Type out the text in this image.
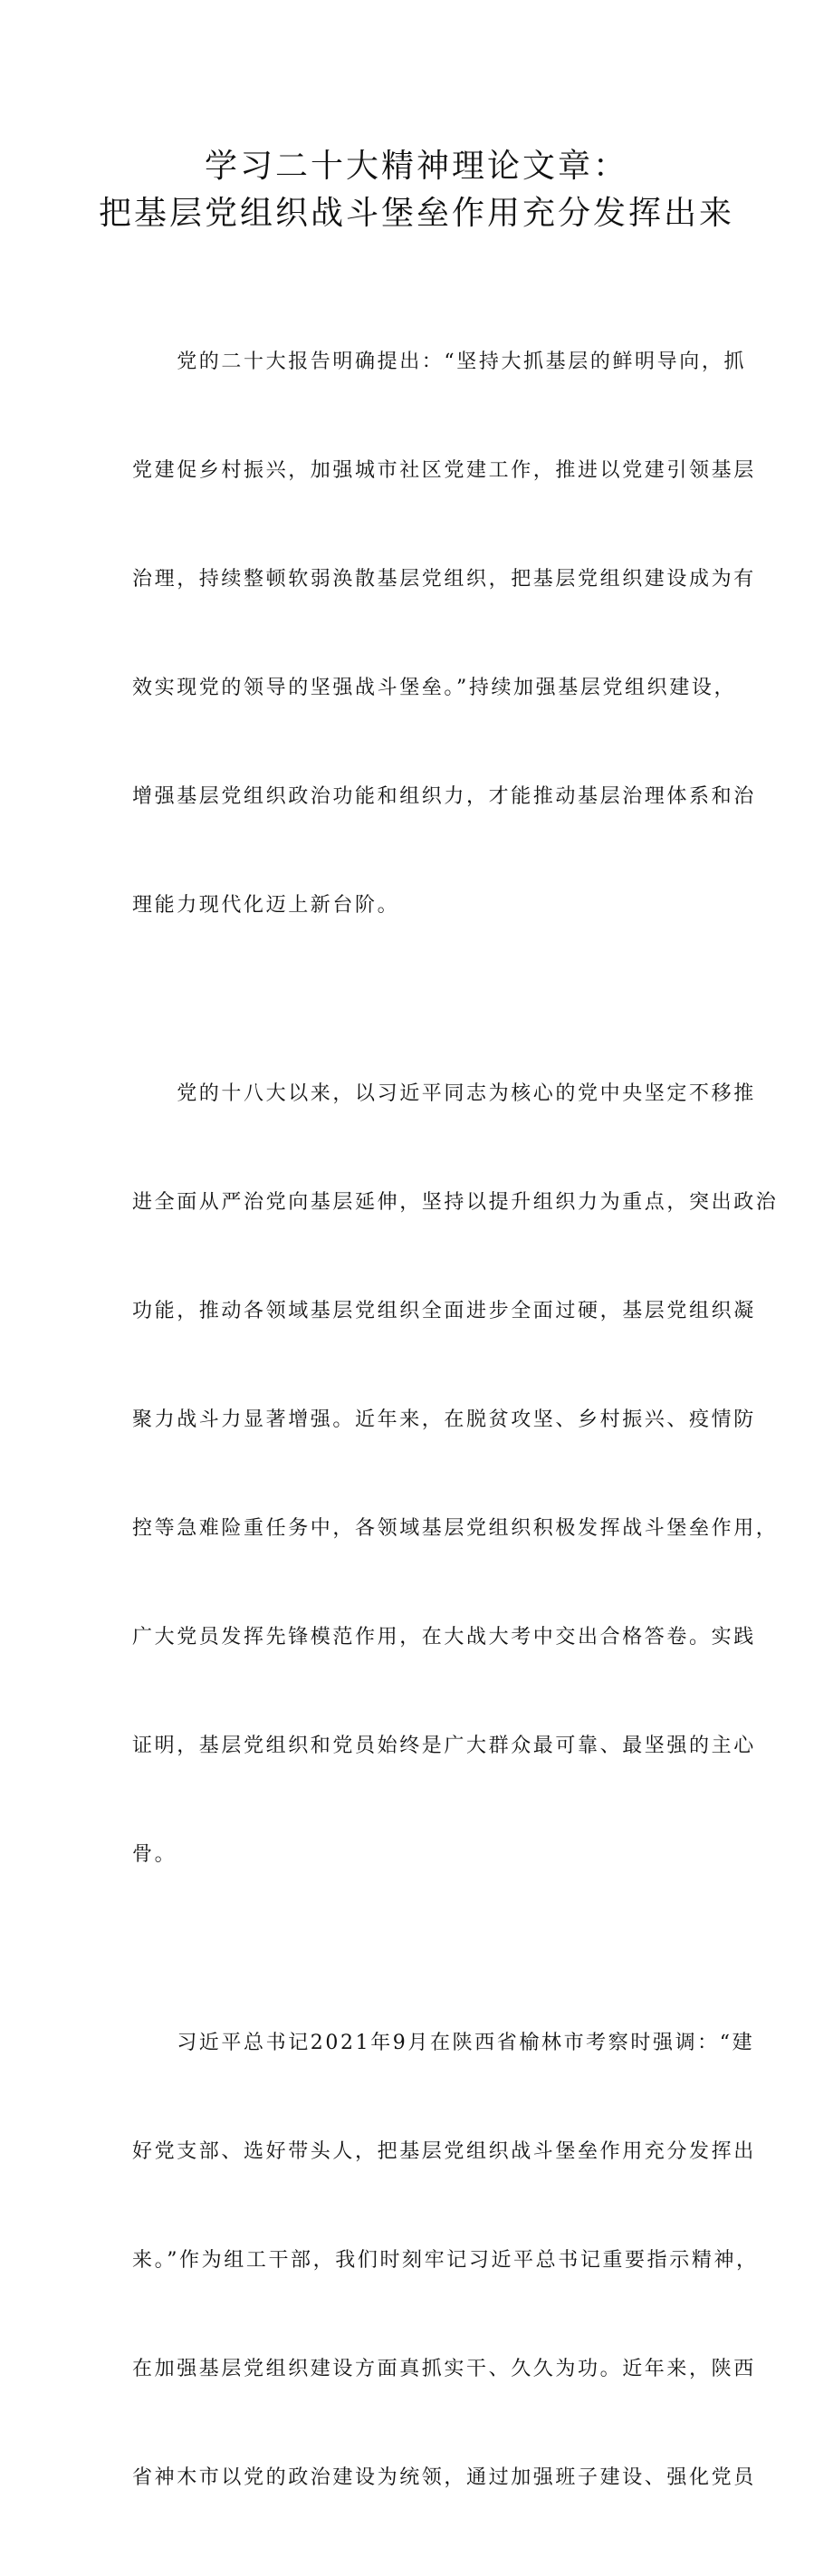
学习二十大精神理论文章：
把基层党组织战斗堡垒作用充分发挥出来

　　党的二十大报告明确提出：“坚持大抓基层的鲜明导向，抓

党建促乡村振兴，加强城市社区党建工作，推进以党建引领基层

治理，持续整顿软弱涣散基层党组织，把基层党组织建设成为有

效实现党的领导的坚强战斗堡垒。”持续加强基层党组织建设，

增强基层党组织政治功能和组织力，才能推动基层治理体系和治

理能力现代化迈上新台阶。

　　党的十八大以来，以习近平同志为核心的党中央坚定不移推

进全面从严治党向基层延伸，坚持以提升组织力为重点，突出政治

功能，推动各领域基层党组织全面进步全面过硬，基层党组织凝

聚力战斗力显著增强。近年来，在脱贫攻坚、乡村振兴、疫情防

控等急难险重任务中，各领域基层党组织积极发挥战斗堡垒作用，

广大党员发挥先锋模范作用，在大战大考中交出合格答卷。实践

证明，基层党组织和党员始终是广大群众最可靠、最坚强的主心

骨。

　　习近平总书记2021年9月在陕西省榆林市考察时强调：“建

好党支部、选好带头人，把基层党组织战斗堡垒作用充分发挥出

来。”作为组工干部，我们时刻牢记习近平总书记重要指示精神，

在加强基层党组织建设方面真抓实干、久久为功。近年来，陕西

省神木市以党的政治建设为统领，通过加强班子建设、强化党员
